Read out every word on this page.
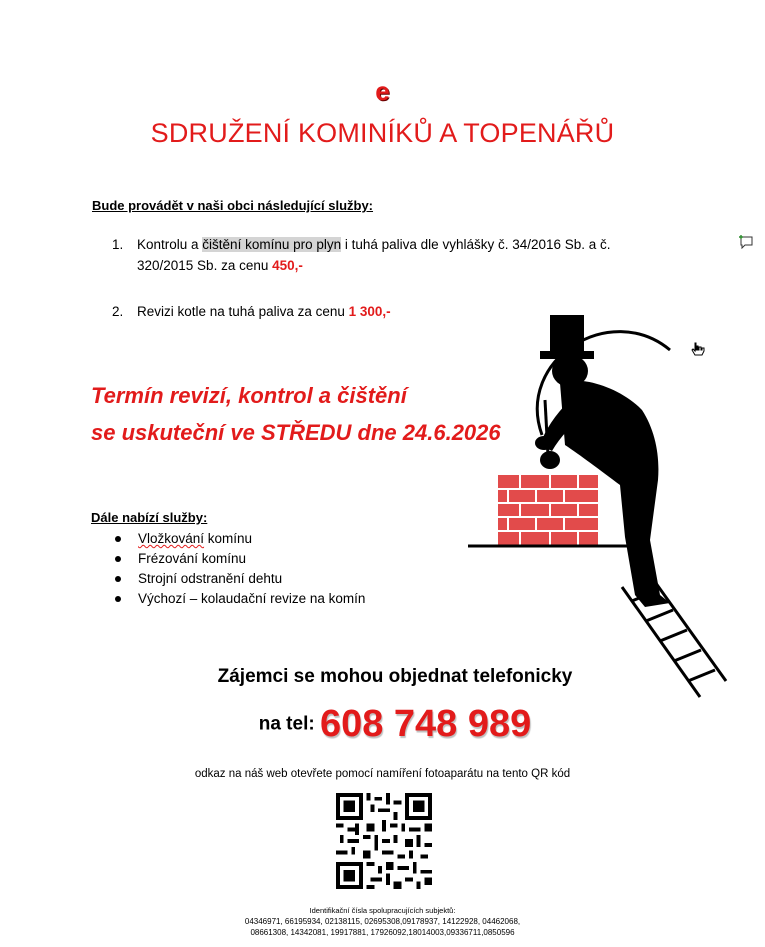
e
SDRUŽENÍ KOMINÍKŮ A TOPENÁŘŮ
Bude provádět v naši obci následující služby:
1. Kontrolu a čištění komínu pro plyn i tuhá paliva dle vyhlášky č. 34/2016 Sb. a č. 320/2015 Sb. za cenu 450,-
2. Revizi kotle na tuhá paliva za cenu 1 300,-
Termín revizí, kontrol a čištění
se uskuteční ve STŘEDU dne 24.6.2026
Dále nabízí služby:
Vložkování komínu
Frézování komínu
Strojní odstranění dehtu
Výchozí – kolaudační revize na komín
Zájemci se mohou objednat telefonicky
na tel: 608 748 989
odkaz na náš web otevřete pomocí namíření fotoaparátu na tento QR kód
Identifikační čísla spolupracujících subjektů:
04346971, 66195934, 02138115, 02695308,09178937, 14122928, 04462068,
08661308, 14342081, 19917881, 17926092,18014003,09336711,0850596
